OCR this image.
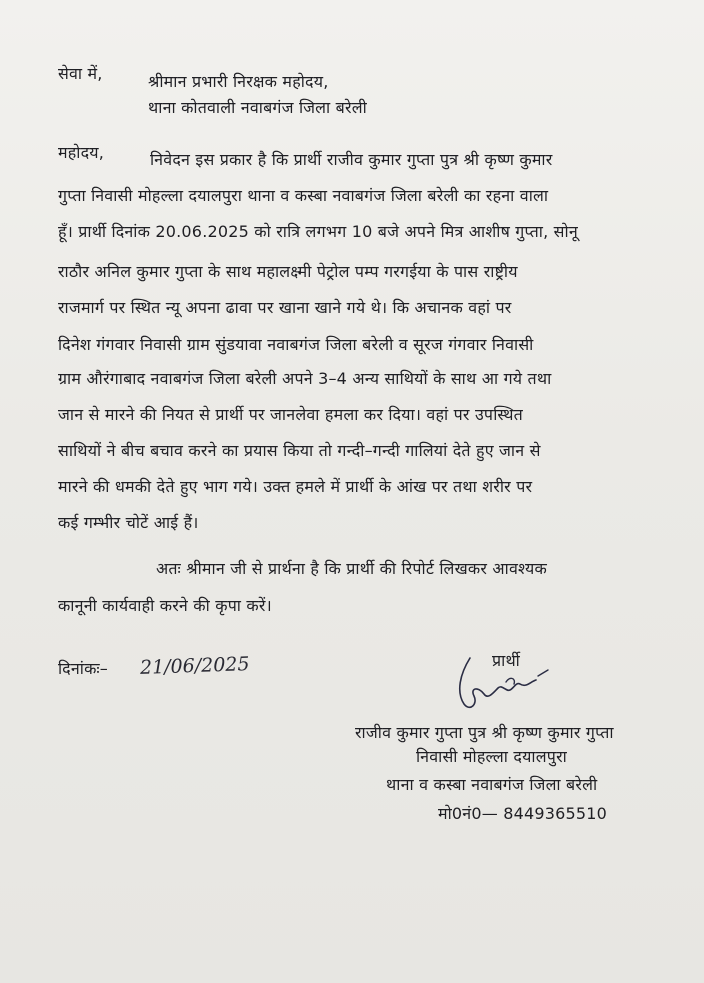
सेवा में,	श्रीमान प्रभारी निरक्षक महोदय,
थाना कोतवाली नवाबगंज जिला बरेली
महोदय,	निवेदन इस प्रकार है कि प्रार्थी राजीव कुमार गुप्ता पुत्र श्री कृष्ण कुमार
गुप्ता निवासी मोहल्ला दयालपुरा थाना व कस्बा नवाबगंज जिला बरेली का रहना वाला
हूँ। प्रार्थी दिनांक 20.06.2025 को रात्रि लगभग 10 बजे अपने मित्र आशीष गुप्ता, सोनू
राठौर अनिल कुमार गुप्ता के साथ महालक्ष्मी पेट्रोल पम्प गरगईया के पास राष्ट्रीय
राजमार्ग पर स्थित न्यू अपना ढावा पर खाना खाने गये थे। कि अचानक वहां पर
दिनेश गंगवार निवासी ग्राम सुंडयावा नवाबगंज जिला बरेली व सूरज गंगवार निवासी
ग्राम औरंगाबाद नवाबगंज जिला बरेली अपने 3–4 अन्य साथियों के साथ आ गये तथा
जान से मारने की नियत से प्रार्थी पर जानलेवा हमला कर दिया। वहां पर उपस्थित
साथियों ने बीच बचाव करने का प्रयास किया तो गन्दी–गन्दी गालियां देते हुए जान से
मारने की धमकी देते हुए भाग गये। उक्त हमले में प्रार्थी के आंख पर तथा शरीर पर
कई गम्भीर चोटें आई हैं।
अतः श्रीमान जी से प्रार्थना है कि प्रार्थी की रिपोर्ट लिखकर आवश्यक
कानूनी कार्यवाही करने की कृपा करें।
दिनांकः– 21/06/2025	प्रार्थी
राजीव कुमार गुप्ता पुत्र श्री कृष्ण कुमार गुप्ता
निवासी मोहल्ला दयालपुरा
थाना व कस्बा नवाबगंज जिला बरेली
मो0नं0— 8449365510
